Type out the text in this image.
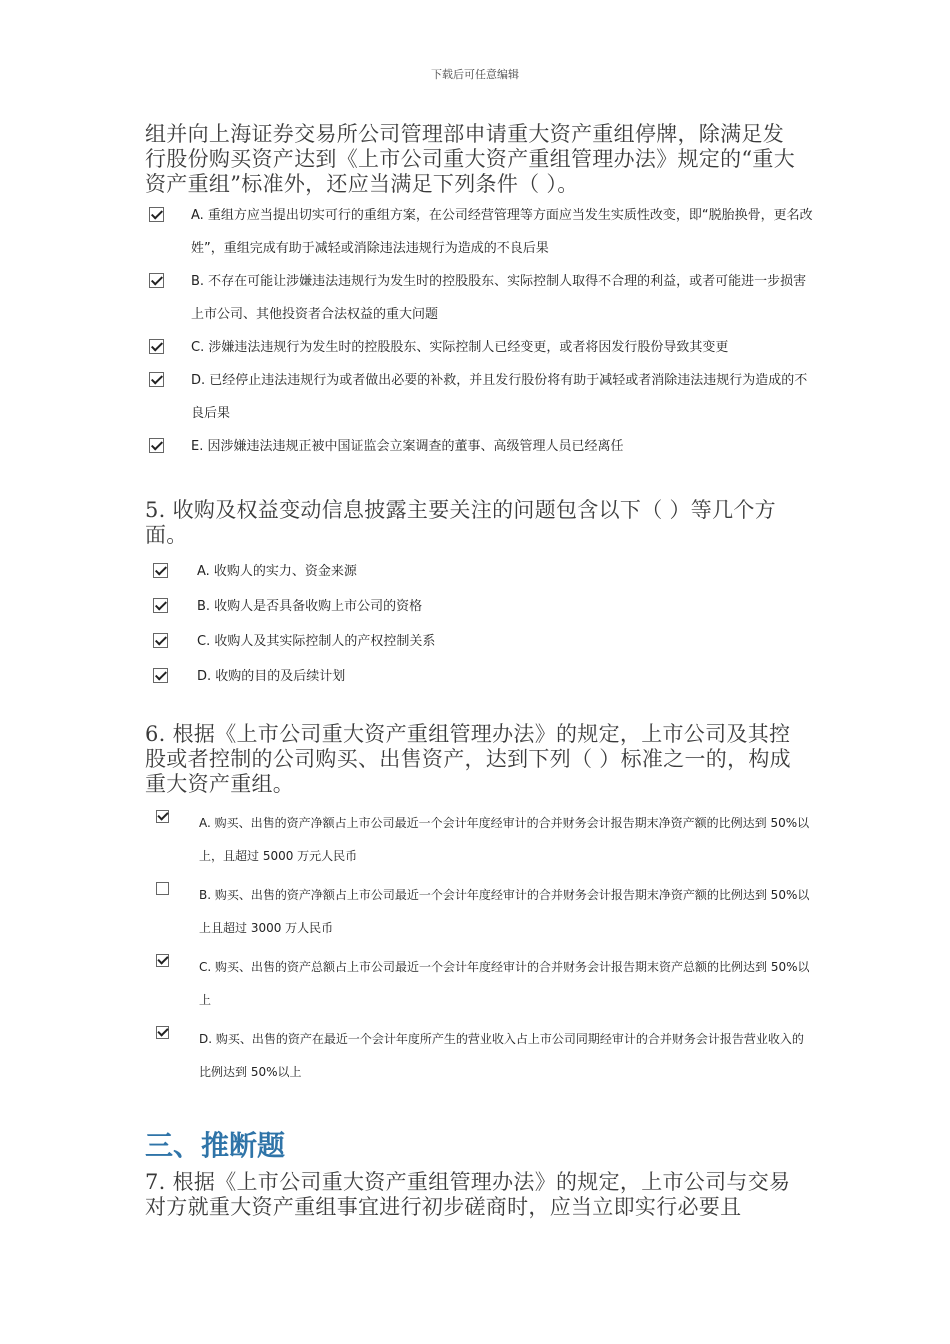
下载后可任意编辑

组并向上海证券交易所公司管理部申请重大资产重组停牌，除满足发行股份购买资产达到《上市公司重大资产重组管理办法》规定的“重大资产重组”标准外，还应当满足下列条件（ ）。

A. 重组方应当提出切实可行的重组方案，在公司经营管理等方面应当发生实质性改变，即“脱胎换骨，更名改姓”，重组完成有助于减轻或消除违法违规行为造成的不良后果
B. 不存在可能让涉嫌违法违规行为发生时的控股股东、实际控制人取得不合理的利益，或者可能进一步损害上市公司、其他投资者合法权益的重大问题
C. 涉嫌违法违规行为发生时的控股股东、实际控制人已经变更，或者将因发行股份导致其变更
D. 已经停止违法违规行为或者做出必要的补救，并且发行股份将有助于减轻或者消除违法违规行为造成的不良后果
E. 因涉嫌违法违规正被中国证监会立案调查的董事、高级管理人员已经离任

5. 收购及权益变动信息披露主要关注的问题包含以下（ ）等几个方面。

A. 收购人的实力、资金来源
B. 收购人是否具备收购上市公司的资格
C. 收购人及其实际控制人的产权控制关系
D. 收购的目的及后续计划

6. 根据《上市公司重大资产重组管理办法》的规定，上市公司及其控股或者控制的公司购买、出售资产，达到下列（ ）标准之一的，构成重大资产重组。

A. 购买、出售的资产净额占上市公司最近一个会计年度经审计的合并财务会计报告期末净资产额的比例达到 50%以上，且超过 5000 万元人民币
B. 购买、出售的资产净额占上市公司最近一个会计年度经审计的合并财务会计报告期末净资产额的比例达到 50%以上且超过 3000 万人民币
C. 购买、出售的资产总额占上市公司最近一个会计年度经审计的合并财务会计报告期末资产总额的比例达到 50%以上
D. 购买、出售的资产在最近一个会计年度所产生的营业收入占上市公司同期经审计的合并财务会计报告营业收入的比例达到 50%以上
三、推断题

7. 根据《上市公司重大资产重组管理办法》的规定，上市公司与交易对方就重大资产重组事宜进行初步磋商时，应当立即实行必要且
